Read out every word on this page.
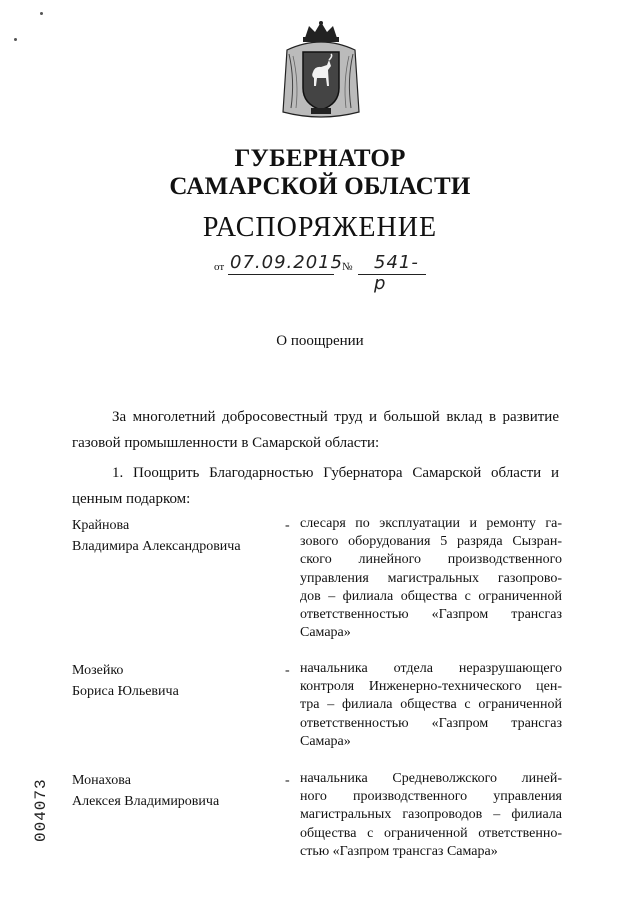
ГУБЕРНАТОР
САМАРСКОЙ ОБЛАСТИ
РАСПОРЯЖЕНИЕ
от 07.09.2015
№ 541-р
О поощрении
За многолетний добросовестный труд и большой вклад в развитие
газовой промышленности в Самарской области:
1. Поощрить Благодарностью Губернатора Самарской области и
ценным подарком:
Крайнова
Владимира Александровича
- слесаря по эксплуатации и ремонту га-
зового оборудования 5 разряда Сызран-
ского линейного производственного
управления магистральных газопрово-
дов – филиала общества с ограниченной
ответственностью «Газпром трансгаз
Самара»
Мозейко
Бориса Юльевича
- начальника отдела неразрушающего
контроля Инженерно-технического цен-
тра – филиала общества с ограниченной
ответственностью «Газпром трансгаз
Самара»
Монахова
Алексея Владимировича
- начальника Средневолжского линей-
ного производственного управления
магистральных газопроводов – филиала
общества с ограниченной ответственно-
стью «Газпром трансгаз Самара»
004073
